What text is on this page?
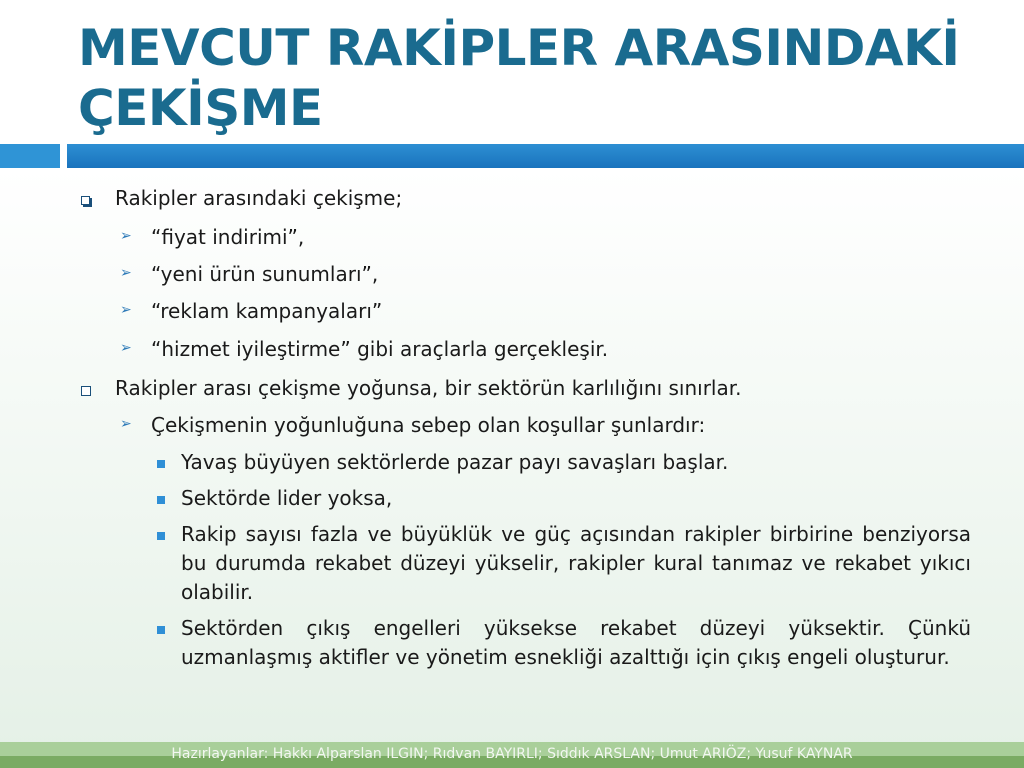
MEVCUT RAKİPLER ARASINDAKİ
ÇEKİŞME
Rakipler arasındaki çekişme;
➢ “fiyat indirimi”,
➢ “yeni ürün sunumları”,
➢ “reklam kampanyaları”
➢ “hizmet iyileştirme” gibi araçlarla gerçekleşir.
Rakipler arası çekişme yoğunsa, bir sektörün karlılığını sınırlar.
➢ Çekişmenin yoğunluğuna sebep olan koşullar şunlardır:
Yavaş büyüyen sektörlerde pazar payı savaşları başlar.
Sektörde lider yoksa,
Rakip sayısı fazla ve büyüklük ve güç açısından rakipler birbirine benziyorsa bu durumda rekabet düzeyi yükselir, rakipler kural tanımaz ve rekabet yıkıcı olabilir.
Sektörden çıkış engelleri yüksekse rekabet düzeyi yüksektir. Çünkü uzmanlaşmış aktifler ve yönetim esnekliği azalttığı için çıkış engeli oluşturur.
Hazırlayanlar: Hakkı Alparslan ILGIN; Rıdvan BAYIRLI; Sıddık ARSLAN; Umut ARIÖZ; Yusuf KAYNAR
